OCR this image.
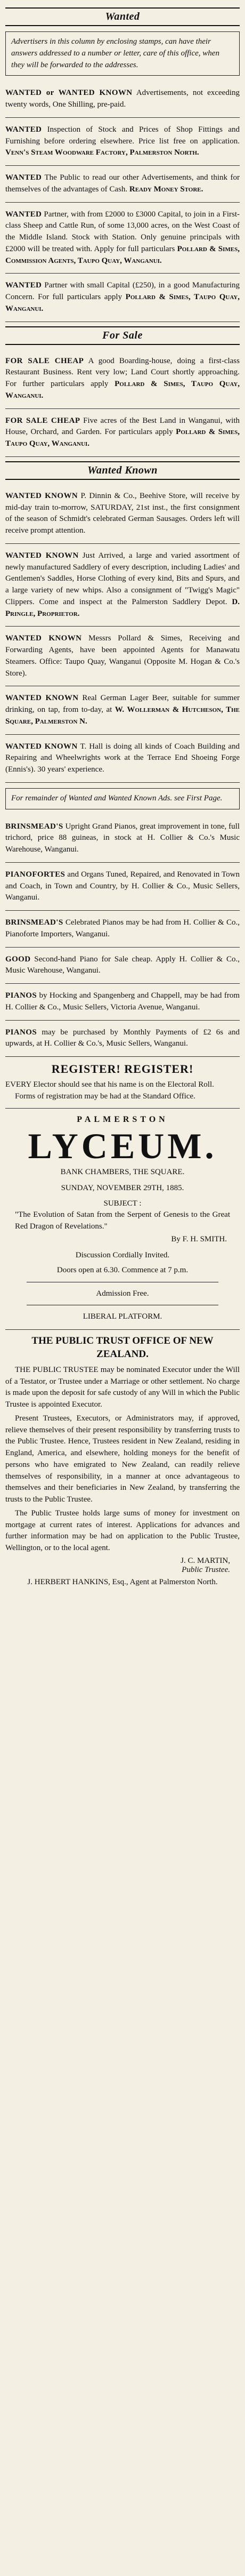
Wanted
Advertisers in this column by enclosing stamps, can have their answers addressed to a number or letter, care of this office, when they will be forwarded to the addresses.
WANTED or WANTED KNOWN Advertisements, not exceeding twenty words, One Shilling, pre-paid.
WANTED Inspection of Stock and Prices of Shop Fittings and Furnishing before ordering elsewhere. Price list free on application. Venn's Steam Woodware Factory, Palmerston North.
WANTED The Public to read our other Advertisements, and think for themselves of the advantages of Cash. Ready Money Store.
WANTED Partner, with from £2000 to £3000 Capital, to join in a First-class Sheep and Cattle Run, of some 13,000 acres, on the West Coast of the Middle Island. Stock with Station. Only genuine principals with £2000 will be treated with. Apply for full particulars Pollard & Simes, Commission Agents, Taupo Quay, Wanganui.
WANTED Partner with small Capital (£250), in a good Manufacturing Concern. For full particulars apply Pollard & Simes, Taupo Quay, Wanganui.
For Sale
FOR SALE CHEAP A good Boarding-house, doing a first-class Restaurant Business. Rent very low; Land Court shortly approaching. For further particulars apply Pollard & Simes, Taupo Quay, Wanganui.
FOR SALE CHEAP Five acres of the Best Land in Wanganui, with House, Orchard, and Garden. For particulars apply Pollard & Simes, Taupo Quay, Wanganui.
Wanted Known
WANTED KNOWN P. Dinnin & Co., Beehive Store, will receive by mid-day train to-morrow, SATURDAY, 21st inst., the first consignment of the season of Schmidt's celebrated German Sausages. Orders left will receive prompt attention.
WANTED KNOWN Just Arrived, a large and varied assortment of newly manufactured Saddlery of every description, including Ladies' and Gentlemen's Saddles, Horse Clothing of every kind, Bits and Spurs, and a large variety of new whips. Also a consignment of "Twigg's Magic" Clippers. Come and inspect at the Palmerston Saddlery Depot. D. Pringle, Proprietor.
WANTED KNOWN Messrs Pollard & Simes, Receiving and Forwarding Agents, have been appointed Agents for Manawatu Steamers. Office: Taupo Quay, Wanganui (Opposite M. Hogan & Co.'s Store).
WANTED KNOWN Real German Lager Beer, suitable for summer drinking, on tap, from to-day, at W. Wollerman & Hutcheson, The Square, Palmerston N.
WANTED KNOWN T. Hall is doing all kinds of Coach Building and Repairing and Wheelwrights work at the Terrace End Shoeing Forge (Ennis's). 30 years' experience.
For remainder of Wanted and Wanted Known Ads. see First Page.
BRINSMEAD'S Upright Grand Pianos, great improvement in tone, full trichord, price 88 guineas, in stock at H. Collier & Co.'s Music Warehouse, Wanganui.
PIANOFORTES and Organs Tuned, Repaired, and Renovated in Town and Coach, in Town and Country, by H. Collier & Co., Music Sellers, Wanganui.
BRINSMEAD'S Celebrated Pianos may be had from H. Collier & Co., Pianoforte Importers, Wanganui.
GOOD Second-hand Piano for Sale cheap. Apply H. Collier & Co., Music Warehouse, Wanganui.
PIANOS by Hocking and Spangenberg and Chappell, may be had from H. Collier & Co., Music Sellers, Victoria Avenue, Wanganui.
PIANOS may be purchased by Monthly Payments of £2 6s and upwards, at H. Collier & Co.'s, Music Sellers, Wanganui.
REGISTER! REGISTER!
EVERY Elector should see that his name is on the Electoral Roll.
Forms of registration may be had at the Standard Office.
PALMERSTON
LYCEUM.
BANK CHAMBERS, THE SQUARE.
SUNDAY, NOVEMBER 29TH, 1885.
SUBJECT :
"The Evolution of Satan from the Serpent of Genesis to the Great Red Dragon of Revelations."
By F. H. SMITH.
Discussion Cordially Invited.
Doors open at 6.30. Commence at 7 p.m.
Admission Free.
LIBERAL PLATFORM.
THE PUBLIC TRUST OFFICE OF NEW ZEALAND.

THE PUBLIC TRUSTEE may be nominated Executor under the Will of a Testator, or Trustee under a Marriage or other settlement. No charge is made upon the deposit for safe custody of any Will in which the Public Trustee is appointed Executor.

Present Trustees, Executors, or Administrators may, if approved, relieve themselves of their present responsibility by transferring trusts to the Public Trustee. Hence, Trustees resident in New Zealand, residing in England, America, and elsewhere, holding moneys for the benefit of persons who have emigrated to New Zealand, can readily relieve themselves of responsibility, in a manner at once advantageous to themselves and their beneficiaries in New Zealand, by transferring the trusts to the Public Trustee.

The Public Trustee holds large sums of money for investment on mortgage at current rates of interest. Applications for advances and further information may be had on application to the Public Trustee, Wellington, or to the local agent.

J. C. MARTIN,
Public Trustee.
J. HERBERT HANKINS, Esq., Agent at Palmerston North.
